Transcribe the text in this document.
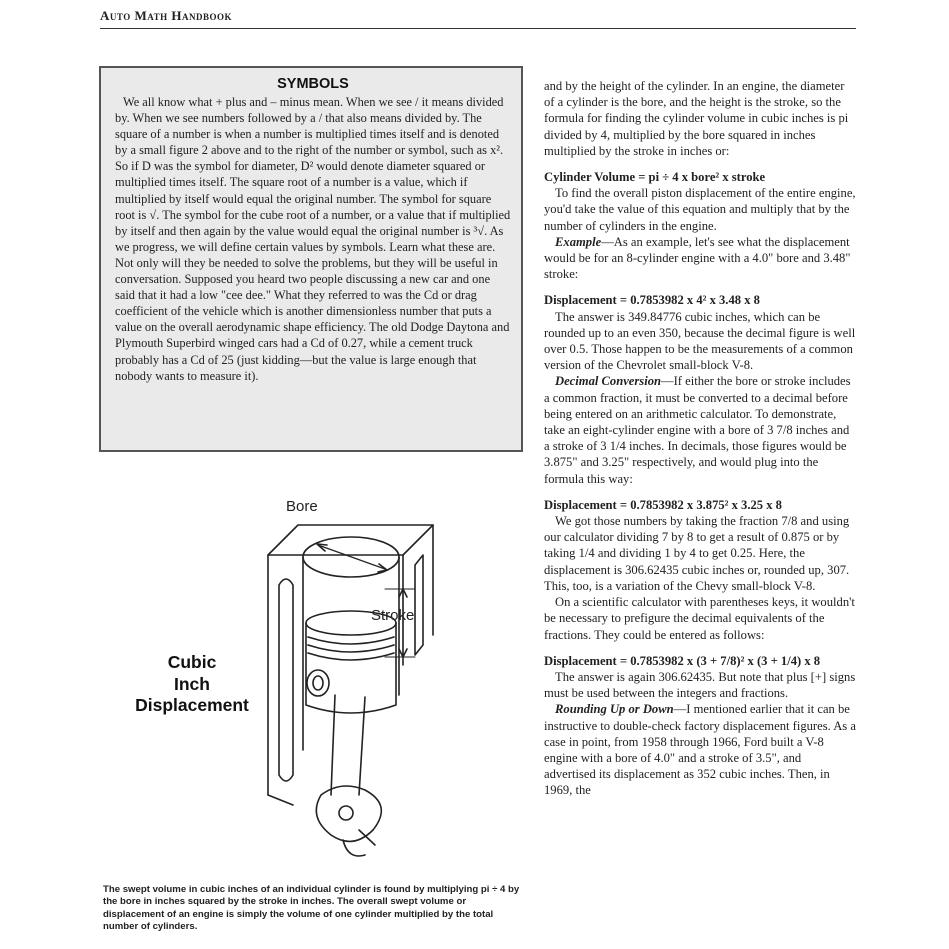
Auto Math Handbook
SYMBOLS

We all know what + plus and – minus mean. When we see / it means divided by. When we see numbers followed by a / that also means divided by. The square of a number is when a number is multiplied times itself and is denoted by a small figure 2 above and to the right of the number or symbol, such as x². So if D was the symbol for diameter, D² would denote diameter squared or multiplied times itself. The square root of a number is a value, which if multiplied by itself would equal the original number. The symbol for square root is √. The symbol for the cube root of a number, or a value that if multiplied by itself and then again by the value would equal the original number is ³√. As we progress, we will define certain values by symbols. Learn what these are. Not only will they be needed to solve the problems, but they will be useful in conversation. Supposed you heard two people discussing a new car and one said that it had a low "cee dee." What they referred to was the Cd or drag coefficient of the vehicle which is another dimensionless number that puts a value on the overall aerodynamic shape efficiency. The old Dodge Daytona and Plymouth Superbird winged cars had a Cd of 0.27, while a cement truck probably has a Cd of 25 (just kidding—but the value is large enough that nobody wants to measure it).

Cubic
Inch
Displacement
Bore
Stroke
The swept volume in cubic inches of an individual cylinder is found by multiplying pi ÷ 4 by the bore in inches squared by the stroke in inches. The overall swept volume or displacement of an engine is simply the volume of one cylinder multiplied by the total number of cylinders.

and by the height of the cylinder. In an engine, the diameter of a cylinder is the bore, and the height is the stroke, so the formula for finding the cylinder volume in cubic inches is pi divided by 4, multiplied by the bore squared in inches multiplied by the stroke in inches or:

Cylinder Volume = pi ÷ 4 x bore² x stroke

To find the overall piston displacement of the entire engine, you'd take the value of this equation and multiply that by the number of cylinders in the engine.

Example—As an example, let's see what the displacement would be for an 8-cylinder engine with a 4.0" bore and 3.48" stroke:

Displacement = 0.7853982 x 4² x 3.48 x 8

The answer is 349.84776 cubic inches, which can be rounded up to an even 350, because the decimal figure is well over 0.5. Those happen to be the measurements of a common version of the Chevrolet small-block V-8.

Decimal Conversion—If either the bore or stroke includes a common fraction, it must be converted to a decimal before being entered on an arithmetic calculator. To demonstrate, take an eight-cylinder engine with a bore of 3 7/8 inches and a stroke of 3 1/4 inches. In decimals, those figures would be 3.875" and 3.25" respectively, and would plug into the formula this way:

Displacement = 0.7853982 x 3.875² x 3.25 x 8

We got those numbers by taking the fraction 7/8 and using our calculator dividing 7 by 8 to get a result of 0.875 or by taking 1/4 and dividing 1 by 4 to get 0.25. Here, the displacement is 306.62435 cubic inches or, rounded up, 307. This, too, is a variation of the Chevy small-block V-8.

On a scientific calculator with parentheses keys, it wouldn't be necessary to prefigure the decimal equivalents of the fractions. They could be entered as follows:

Displacement = 0.7853982 x (3 + 7/8)² x (3 + 1/4) x 8

The answer is again 306.62435. But note that plus [+] signs must be used between the integers and fractions.

Rounding Up or Down—I mentioned earlier that it can be instructive to double-check factory displacement figures. As a case in point, from 1958 through 1966, Ford built a V-8 engine with a bore of 4.0" and a stroke of 3.5", and advertised its displacement as 352 cubic inches. Then, in 1969, the
